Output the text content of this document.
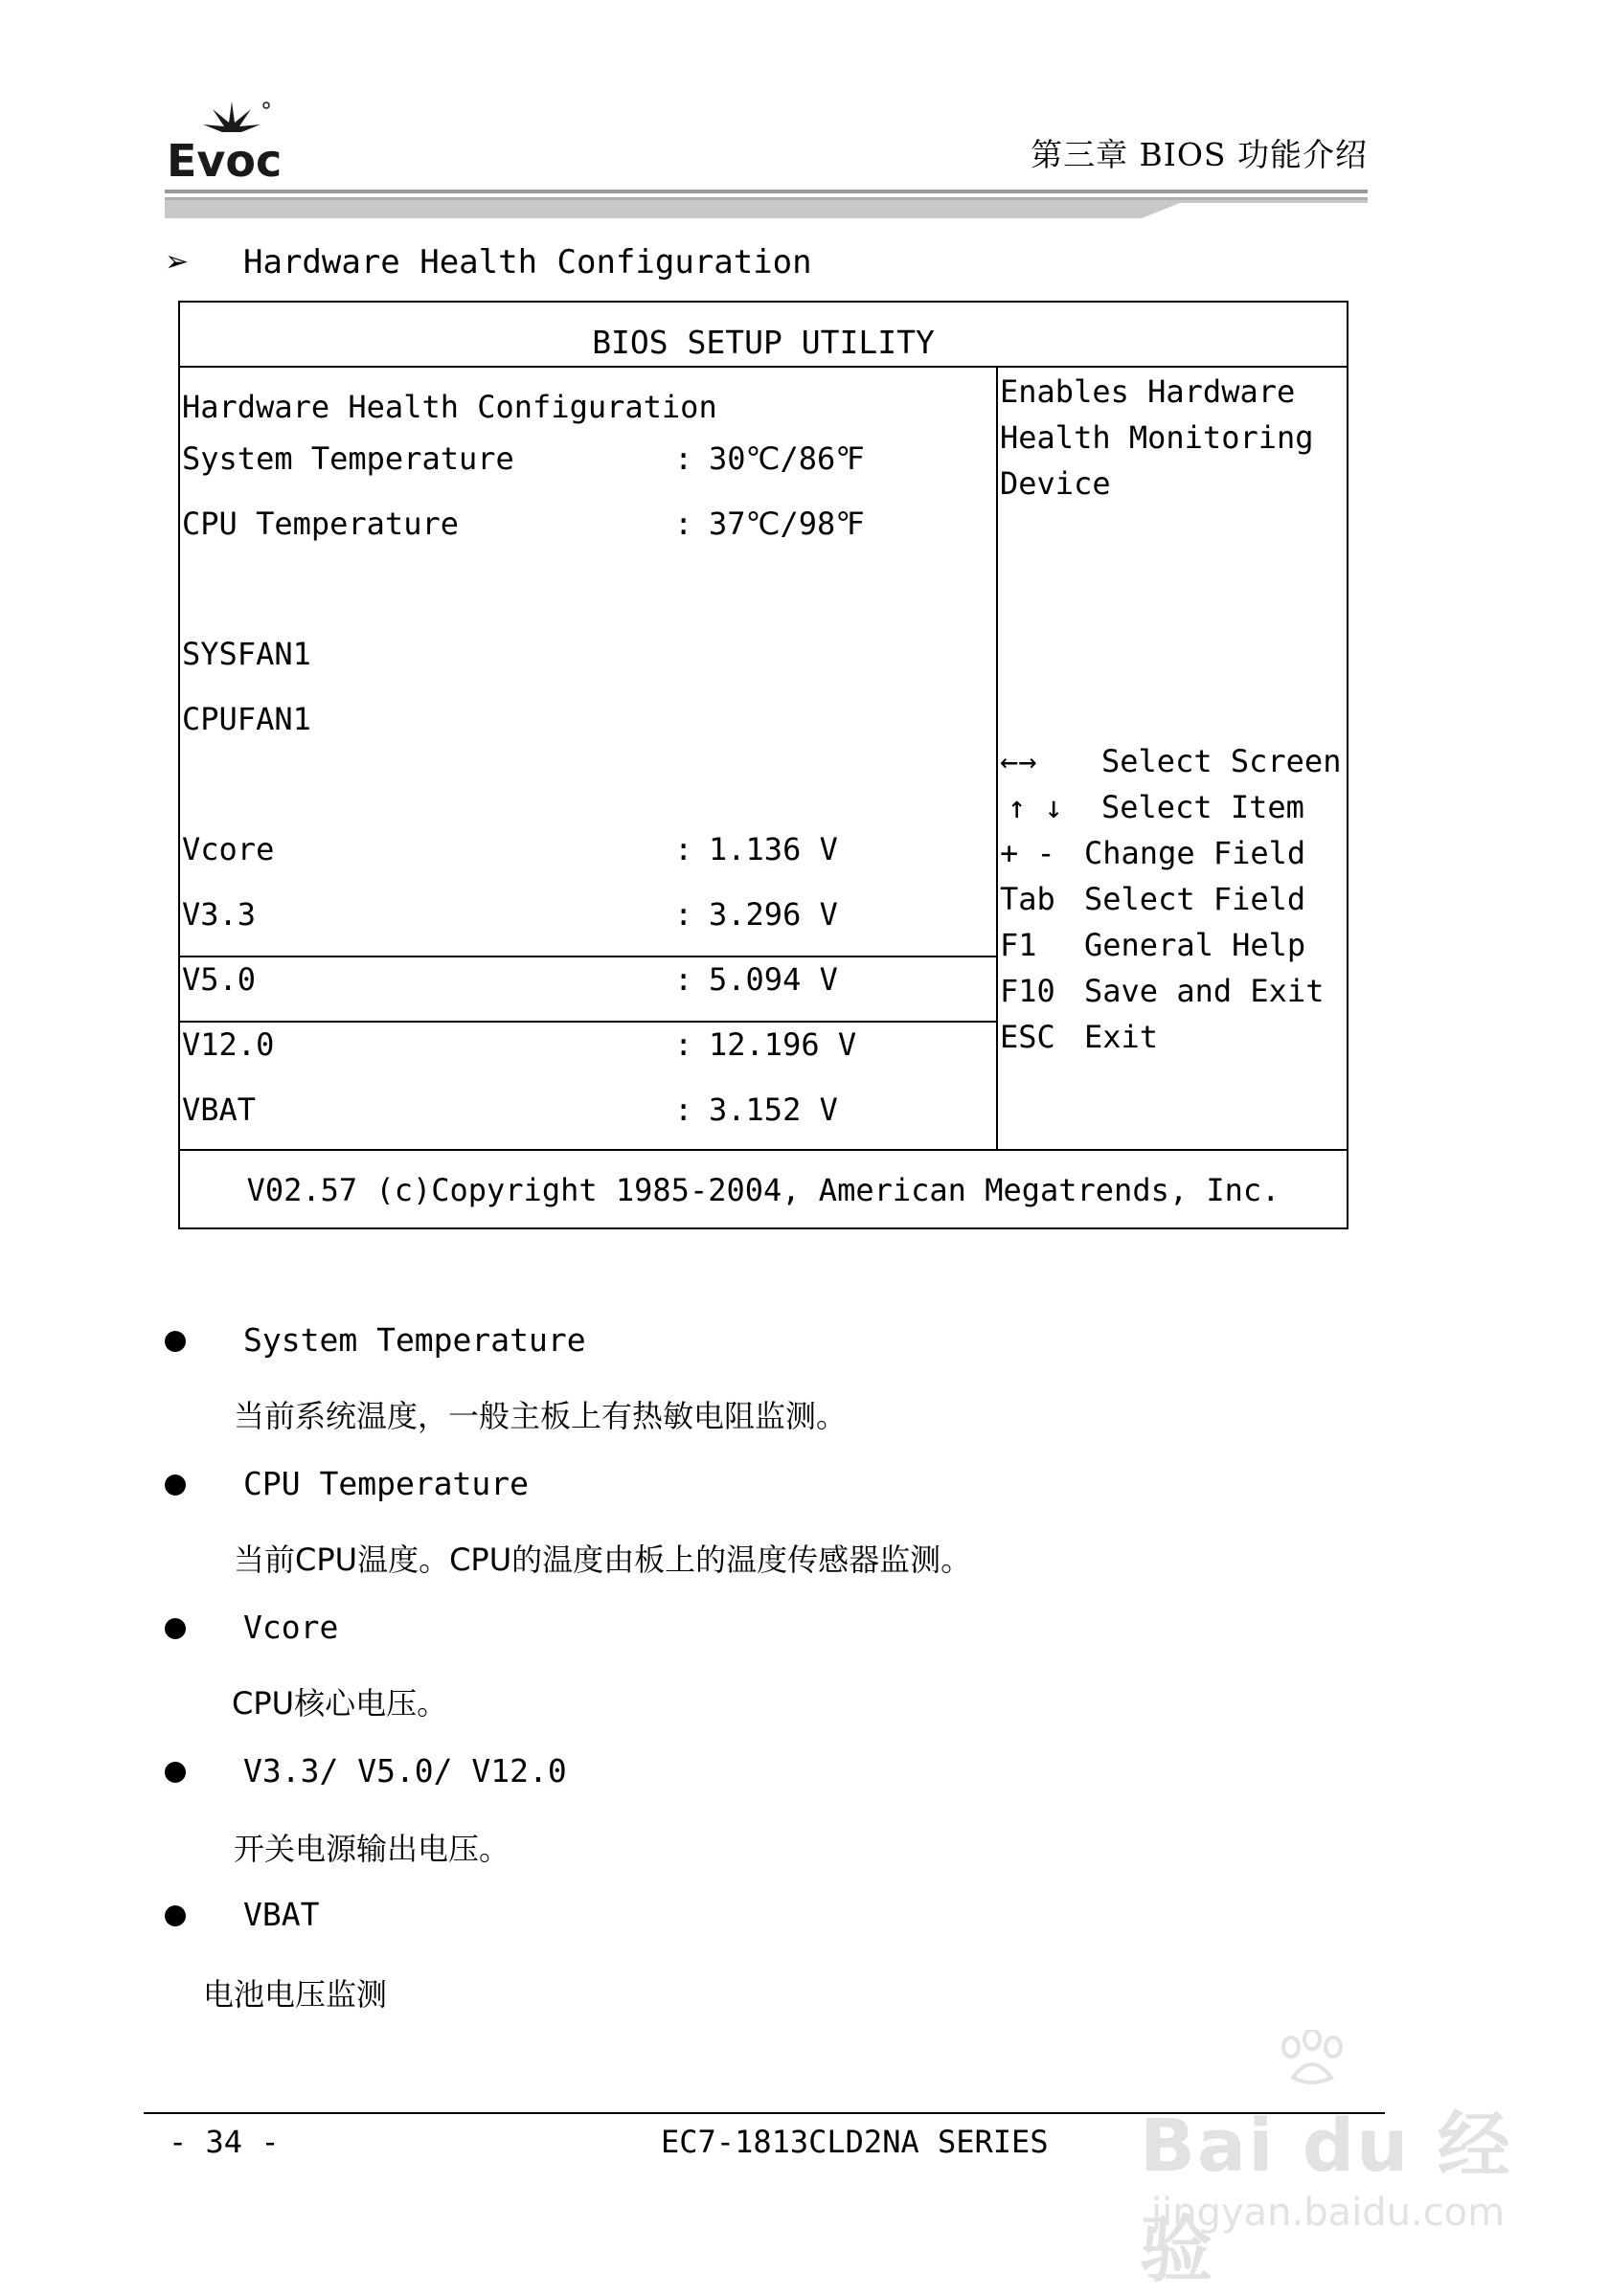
Evoc	第三章 BIOS 功能介绍
➢ Hardware Health Configuration
BIOS SETUP UTILITY
Hardware Health Configuration
System Temperature	: 30℃/86℉
CPU Temperature	: 37℃/98℉
SYSFAN1
CPUFAN1
Vcore	: 1.136 V
V3.3	: 3.296 V
V5.0	: 5.094 V
V12.0	: 12.196 V
VBAT	: 3.152 V
Enables Hardware
Health Monitoring
Device
←→ Select Screen
↑ ↓ Select Item
+ - Change Field
Tab Select Field
F1 General Help
F10 Save and Exit
ESC Exit
V02.57 (c)Copyright 1985-2004, American Megatrends, Inc.
System Temperature
当前系统温度，一般主板上有热敏电阻监测。
CPU Temperature
当前CPU温度。CPU的温度由板上的温度传感器监测。
Vcore
CPU核心电压。
V3.3/ V5.0/ V12.0
开关电源输出电压。
VBAT
电池电压监测
- 34 -	EC7-1813CLD2NA SERIES Bai du 经验
jingyan.baidu.com
